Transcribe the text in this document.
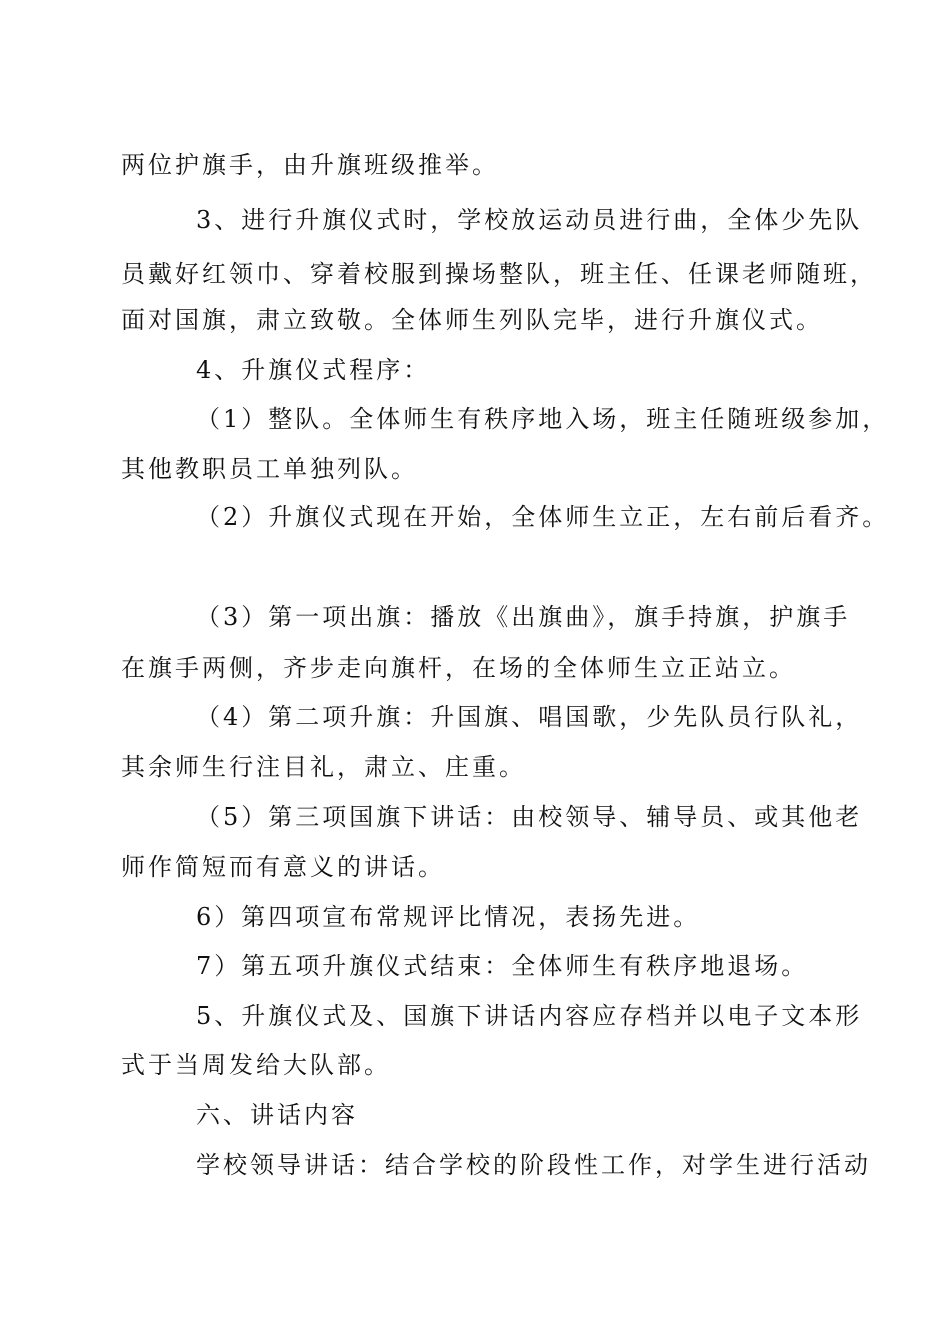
两位护旗手，由升旗班级推举。
3、进行升旗仪式时，学校放运动员进行曲，全体少先队
员戴好红领巾、穿着校服到操场整队，班主任、任课老师随班，
面对国旗，肃立致敬。全体师生列队完毕，进行升旗仪式。
4、升旗仪式程序：
（1）整队。全体师生有秩序地入场，班主任随班级参加，
其他教职员工单独列队。
（2）升旗仪式现在开始，全体师生立正，左右前后看齐。
（3）第一项出旗：播放《出旗曲》，旗手持旗，护旗手
在旗手两侧，齐步走向旗杆，在场的全体师生立正站立。
（4）第二项升旗：升国旗、唱国歌，少先队员行队礼，
其余师生行注目礼，肃立、庄重。
（5）第三项国旗下讲话：由校领导、辅导员、或其他老
师作简短而有意义的讲话。
6）第四项宣布常规评比情况，表扬先进。
7）第五项升旗仪式结束：全体师生有秩序地退场。
5、升旗仪式及、国旗下讲话内容应存档并以电子文本形
式于当周发给大队部。
六、讲话内容
学校领导讲话：结合学校的阶段性工作，对学生进行活动
